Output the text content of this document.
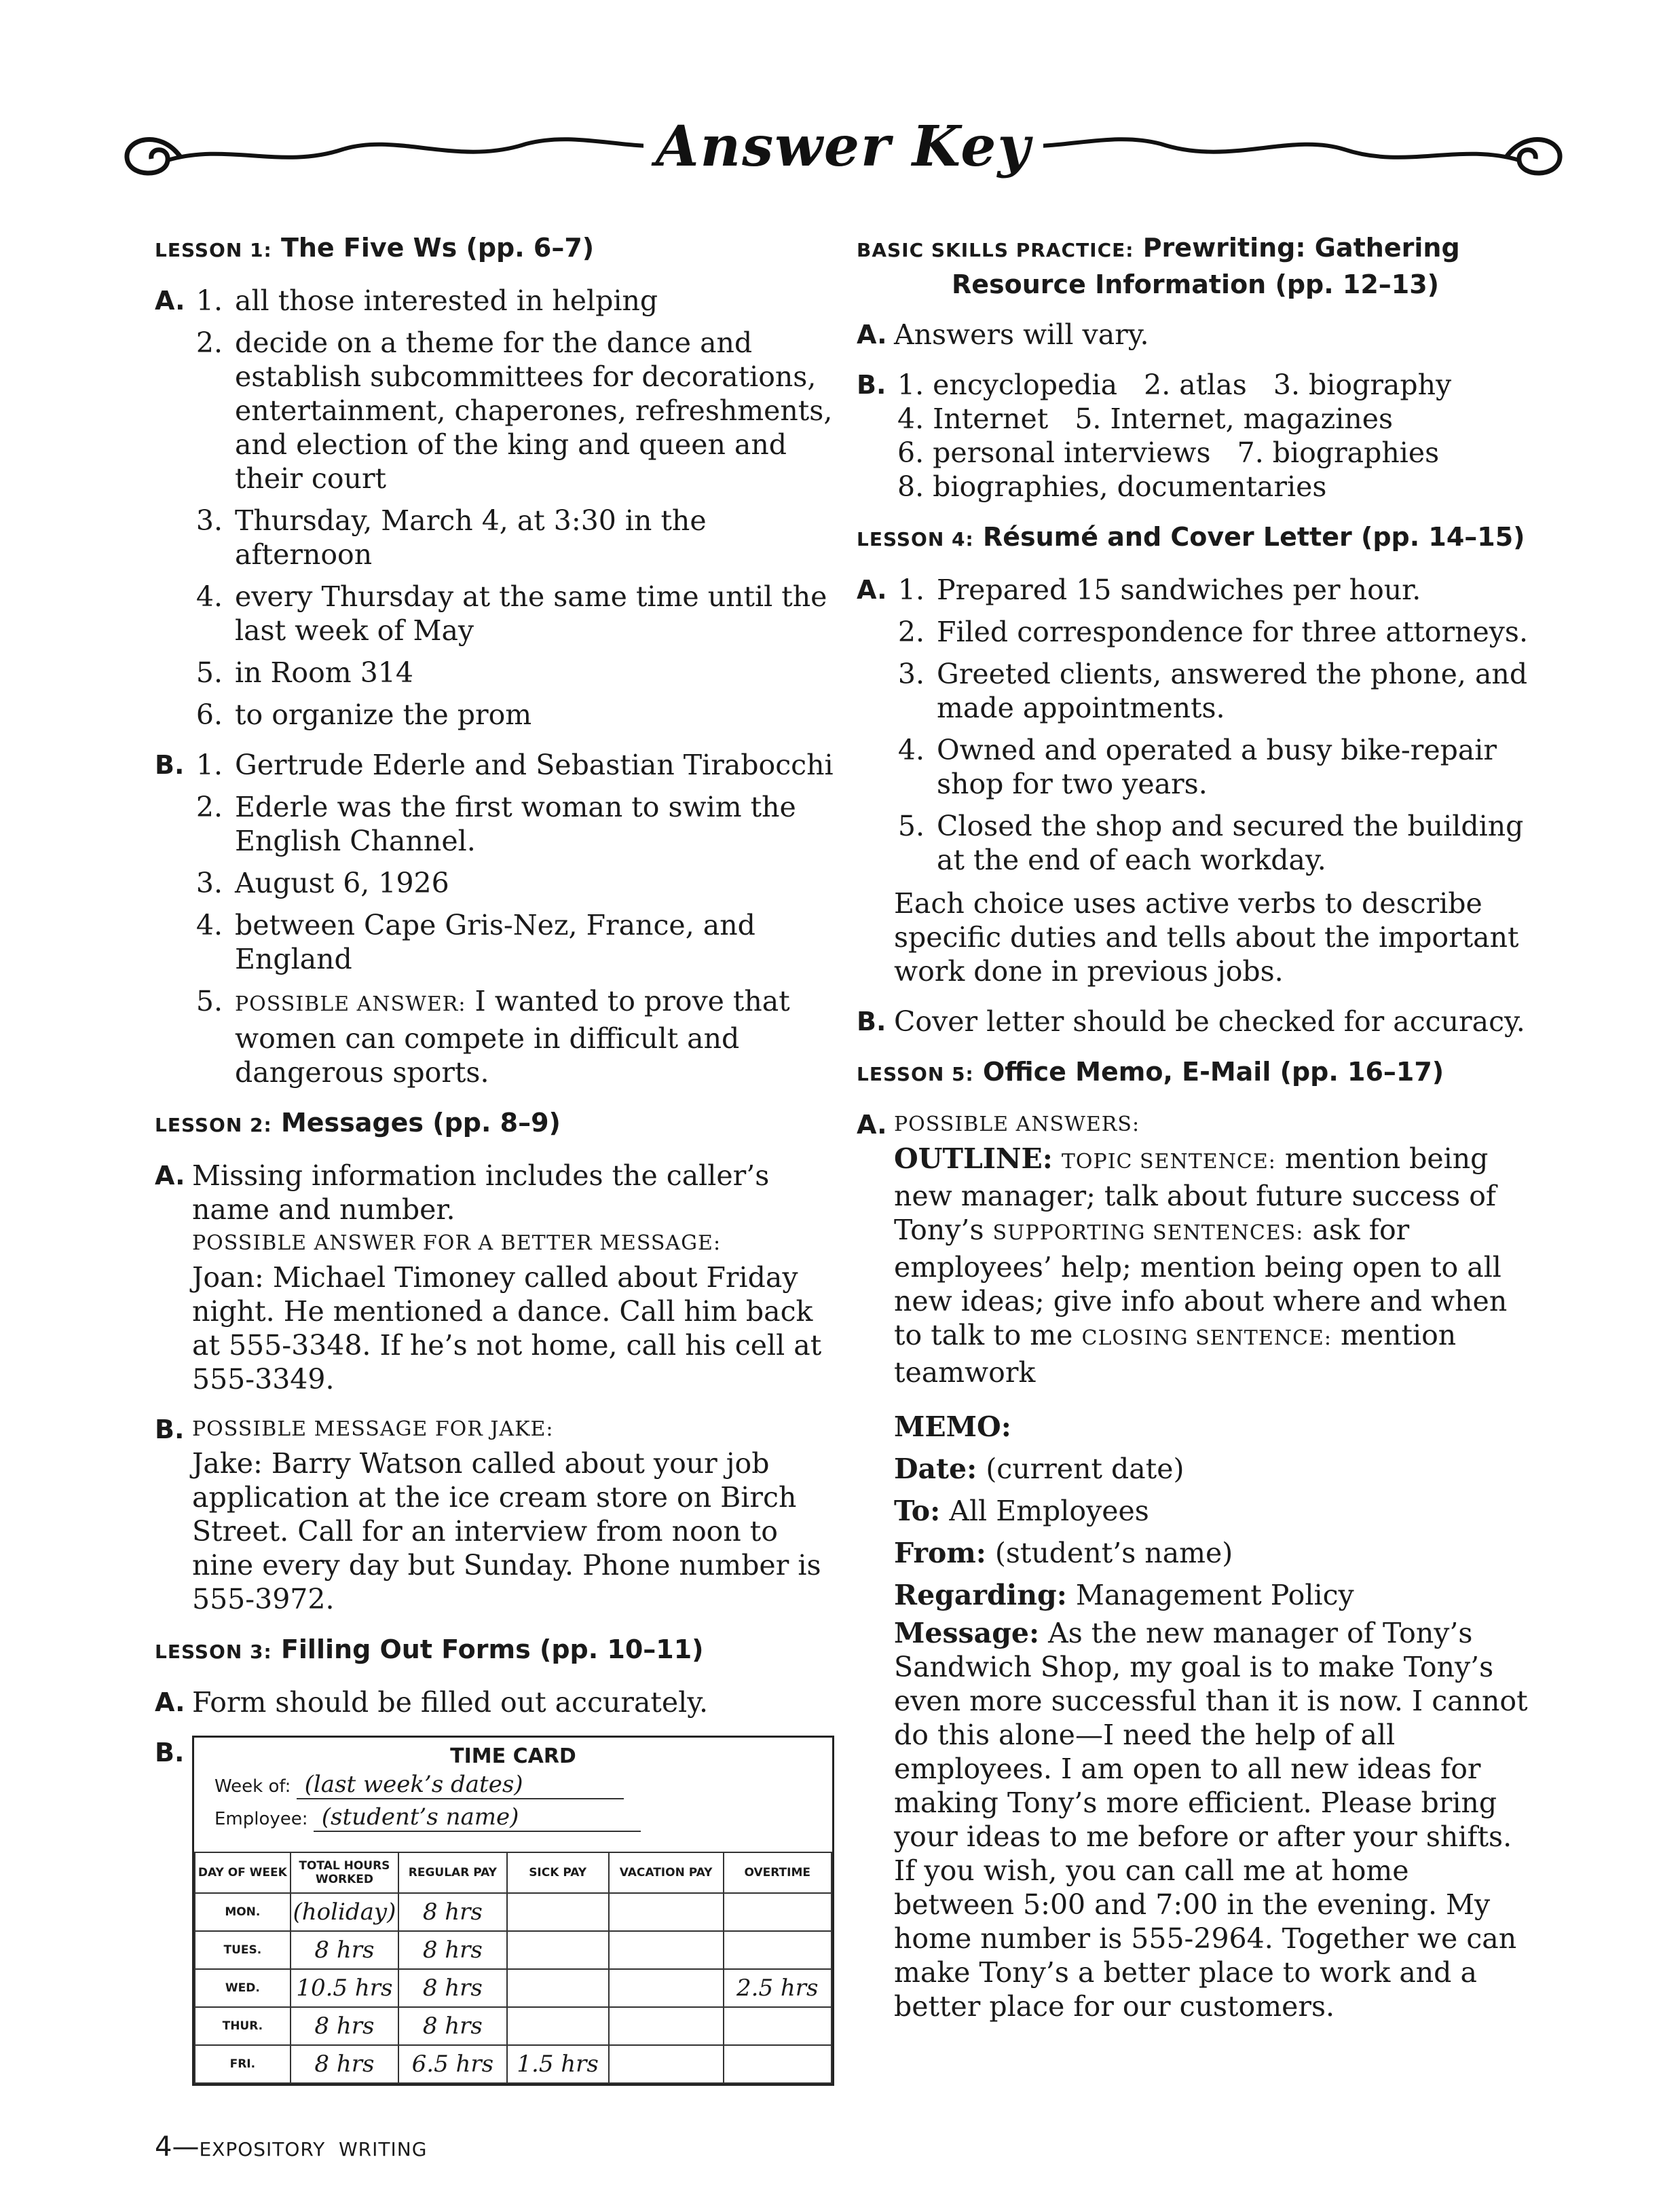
Answer Key
LESSON 1: The Five Ws (pp. 6–7)
A. 1. all those interested in helping
2. decide on a theme for the dance and establish subcommittees for decorations, entertainment, chaperones, refreshments, and election of the king and queen and their court
3. Thursday, March 4, at 3:30 in the afternoon
4. every Thursday at the same time until the last week of May
5. in Room 314
6. to organize the prom
B. 1. Gertrude Ederle and Sebastian Tirabocchi
2. Ederle was the first woman to swim the English Channel.
3. August 6, 1926
4. between Cape Gris-Nez, France, and England
5. POSSIBLE ANSWER: I wanted to prove that women can compete in difficult and dangerous sports.
LESSON 2: Messages (pp. 8–9)
A. Missing information includes the caller’s name and number.
POSSIBLE ANSWER FOR A BETTER MESSAGE:
Joan: Michael Timoney called about Friday night. He mentioned a dance. Call him back at 555-3348. If he’s not home, call his cell at 555-3349.
B. POSSIBLE MESSAGE FOR JAKE:
Jake: Barry Watson called about your job application at the ice cream store on Birch Street. Call for an interview from noon to nine every day but Sunday. Phone number is 555-3972.
LESSON 3: Filling Out Forms (pp. 10–11)
A. Form should be filled out accurately.
B.	TIME CARD
Week of: (last week’s dates)
Employee: (student’s name)
DAY OF WEEK	TOTAL HOURS WORKED	REGULAR PAY	SICK PAY	VACATION PAY	OVERTIME
MON.	(holiday)	8 hrs			
TUES.	8 hrs	8 hrs			
WED.	10.5 hrs	8 hrs			2.5 hrs
THUR.	8 hrs	8 hrs			
FRI.	8 hrs	6.5 hrs	1.5 hrs		
BASIC SKILLS PRACTICE: Prewriting: Gathering
Resource Information (pp. 12–13)
A. Answers will vary.
B. 1. encyclopedia   2. atlas   3. biography
4. Internet   5. Internet, magazines
6. personal interviews   7. biographies
8. biographies, documentaries
LESSON 4: Résumé and Cover Letter (pp. 14–15)
A. 1. Prepared 15 sandwiches per hour.
2. Filed correspondence for three attorneys.
3. Greeted clients, answered the phone, and made appointments.
4. Owned and operated a busy bike-repair shop for two years.
5. Closed the shop and secured the building at the end of each workday.
Each choice uses active verbs to describe specific duties and tells about the important work done in previous jobs.
B. Cover letter should be checked for accuracy.
LESSON 5: Office Memo, E-Mail (pp. 16–17)
A. POSSIBLE ANSWERS:
OUTLINE: TOPIC SENTENCE: mention being new manager; talk about future success of Tony’s SUPPORTING SENTENCES: ask for employees’ help; mention being open to all new ideas; give info about where and when to talk to me CLOSING SENTENCE: mention teamwork
MEMO:
Date: (current date)
To: All Employees
From: (student’s name)
Regarding: Management Policy
Message: As the new manager of Tony’s Sandwich Shop, my goal is to make Tony’s even more successful than it is now. I cannot do this alone—I need the help of all employees. I am open to all new ideas for making Tony’s more efficient. Please bring your ideas to me before or after your shifts. If you wish, you can call me at home between 5:00 and 7:00 in the evening. My home number is 555-2964. Together we can make Tony’s a better place to work and a better place for our customers.
4—EXPOSITORY  WRITING
